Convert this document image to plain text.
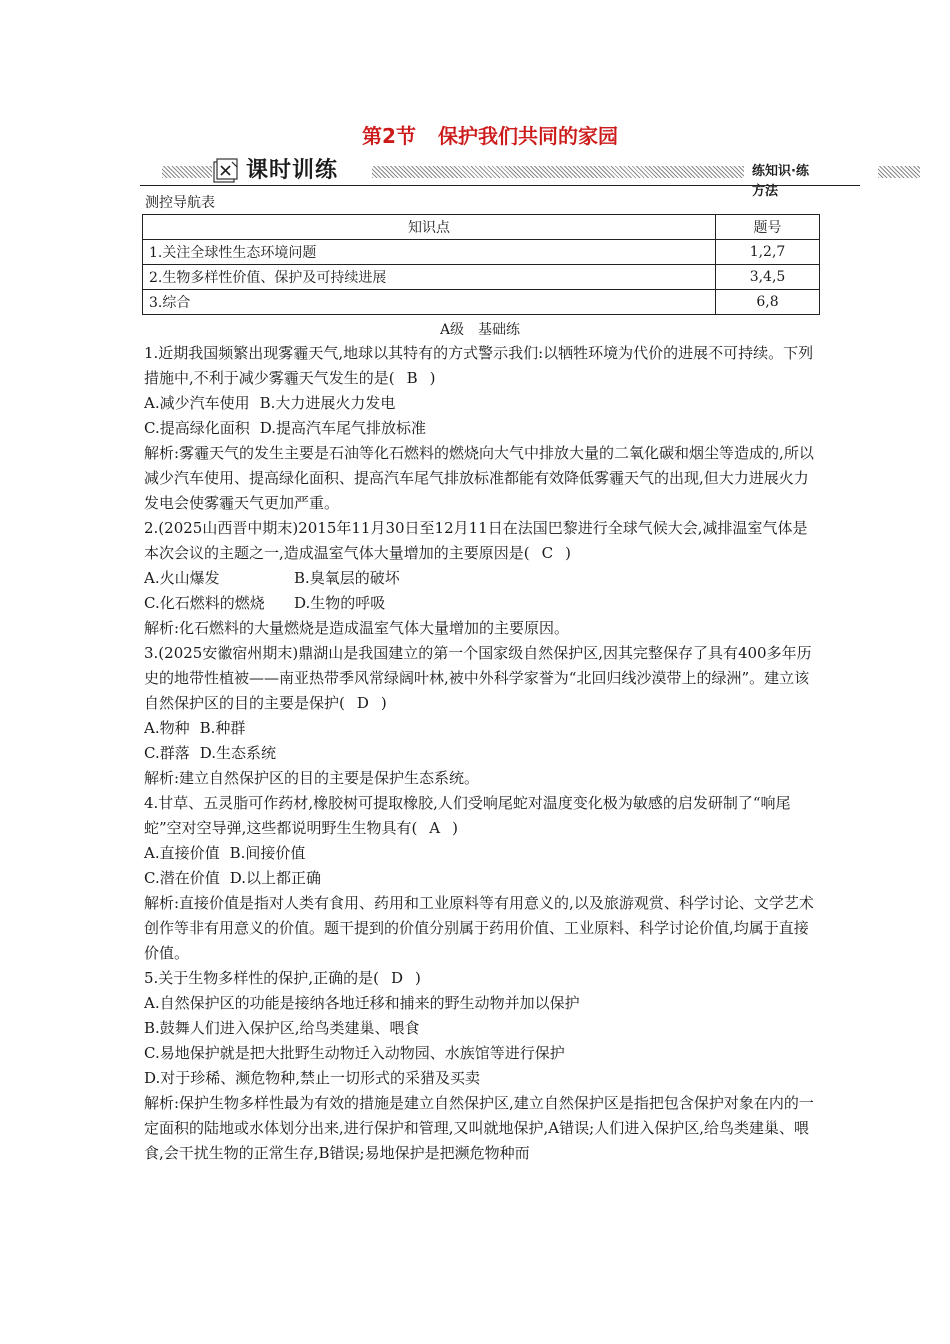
第2节 保护我们共同的家园
课时训练	练知识·练方法
测控导航表
知识点	题号
1.关注全球性生态环境问题	1,2,7
2.生物多样性价值、保护及可持续进展	3,4,5
3.综合	6,8
A级　基础练

1.近期我国频繁出现雾霾天气,地球以其特有的方式警示我们:以牺牲环境为代价的进展不可持续。下列措施中,不利于减少雾霾天气发生的是( B )

A.减少汽车使用 B.大力进展火力发电

C.提高绿化面积 D.提高汽车尾气排放标准

解析:雾霾天气的发生主要是石油等化石燃料的燃烧向大气中排放大量的二氧化碳和烟尘等造成的,所以减少汽车使用、提高绿化面积、提高汽车尾气排放标准都能有效降低雾霾天气的出现,但大力进展火力发电会使雾霾天气更加严重。

2.(2025山西晋中期末)2015年11月30日至12月11日在法国巴黎进行全球气候大会,减排温室气体是本次会议的主题之一,造成温室气体大量增加的主要原因是( C )

A.火山爆发	B.臭氧层的破坏

C.化石燃料的燃烧 D.生物的呼吸

解析:化石燃料的大量燃烧是造成温室气体大量增加的主要原因。

3.(2025安徽宿州期末)鼎湖山是我国建立的第一个国家级自然保护区,因其完整保存了具有400多年历史的地带性植被——南亚热带季风常绿阔叶林,被中外科学家誉为“北回归线沙漠带上的绿洲”。建立该自然保护区的目的主要是保护( D )

A.物种 B.种群

C.群落 D.生态系统

解析:建立自然保护区的目的主要是保护生态系统。

4.甘草、五灵脂可作药材,橡胶树可提取橡胶,人们受响尾蛇对温度变化极为敏感的启发研制了“响尾蛇”空对空导弹,这些都说明野生生物具有( A )

A.直接价值 B.间接价值

C.潜在价值 D.以上都正确

解析:直接价值是指对人类有食用、药用和工业原料等有用意义的,以及旅游观赏、科学讨论、文学艺术创作等非有用意义的价值。题干提到的价值分别属于药用价值、工业原料、科学讨论价值,均属于直接价值。

5.关于生物多样性的保护,正确的是( D )

A.自然保护区的功能是接纳各地迁移和捕来的野生动物并加以保护

B.鼓舞人们进入保护区,给鸟类建巢、喂食

C.易地保护就是把大批野生动物迁入动物园、水族馆等进行保护

D.对于珍稀、濒危物种,禁止一切形式的采猎及买卖

解析:保护生物多样性最为有效的措施是建立自然保护区,建立自然保护区是指把包含保护对象在内的一定面积的陆地或水体划分出来,进行保护和管理,又叫就地保护,A错误;人们进入保护区,给鸟类建巢、喂食,会干扰生物的正常生存,B错误;易地保护是把濒危物种而
